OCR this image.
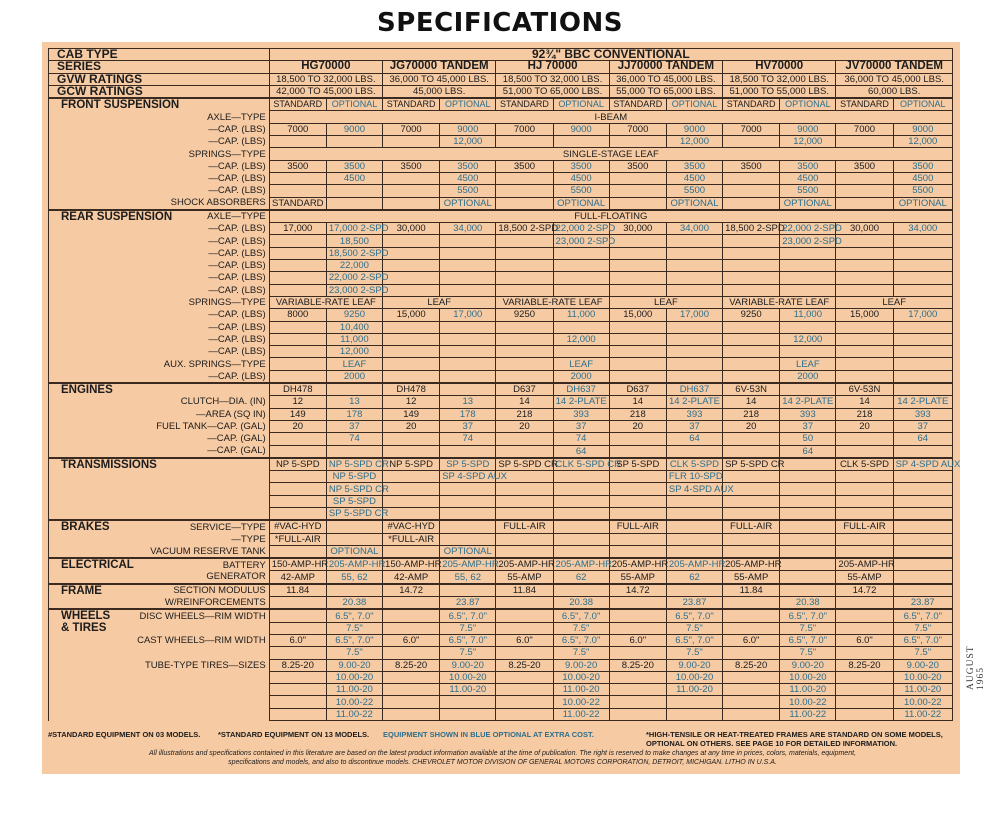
SPECIFICATIONS
CAB TYPE	92¾" BBC CONVENTIONAL											
SERIES	HG70000		JG70000 TANDEM		HJ 70000		JJ70000 TANDEM		HV70000		JV70000 TANDEM	
GVW RATINGS	18,500 TO 32,000 LBS.		36,000 TO 45,000 LBS.		18,500 TO 32,000 LBS.		36,000 TO 45,000 LBS.		18,500 TO 32,000 LBS.		36,000 TO 45,000 LBS.	
GCW RATINGS	42,000 TO 45,000 LBS.		45,000 LBS.		51,000 TO 65,000 LBS.		55,000 TO 65,000 LBS.		51,000 TO 55,000 LBS.		60,000 LBS.	

FRONT SUSPENSION	STANDARD	OPTIONAL	STANDARD	OPTIONAL	STANDARD	OPTIONAL	STANDARD	OPTIONAL	STANDARD	OPTIONAL	STANDARD	OPTIONAL
AXLE—TYPE	I-BEAM											
—CAP. (LBS)	7000	9000	7000	9000	7000	9000	7000	9000	7000	9000	7000	9000
—CAP. (LBS)				12,000				12,000		12,000		12,000
SPRINGS—TYPE	SINGLE-STAGE LEAF											
—CAP. (LBS)	3500	3500	3500	3500	3500	3500	3500	3500	3500	3500	3500	3500
—CAP. (LBS)		4500		4500		4500		4500		4500		4500
—CAP. (LBS)				5500		5500		5500		5500		5500
SHOCK ABSORBERS	STANDARD			OPTIONAL		OPTIONAL		OPTIONAL		OPTIONAL		OPTIONAL

REAR SUSPENSION AXLE—TYPE	FULL-FLOATING											
—CAP. (LBS)	17,000	17,000 2-SPD	30,000	34,000	18,500 2-SPD	22,000 2-SPD	30,000	34,000	18,500 2-SPD	22,000 2-SPD	30,000	34,000
—CAP. (LBS)		18,500				23,000 2-SPD				23,000 2-SPD		
—CAP. (LBS)		18,500 2-SPD										
—CAP. (LBS)		22,000										
—CAP. (LBS)		22,000 2-SPD										
—CAP. (LBS)		23,000 2-SPD										
SPRINGS—TYPE	VARIABLE-RATE LEAF		LEAF		VARIABLE-RATE LEAF		LEAF		VARIABLE-RATE LEAF		LEAF	
—CAP. (LBS)	8000	9250	15,000	17,000	9250	11,000	15,000	17,000	9250	11,000	15,000	17,000
—CAP. (LBS)		10,400										
—CAP. (LBS)		11,000				12,000				12,000		
—CAP. (LBS)		12,000										
AUX. SPRINGS—TYPE		LEAF				LEAF				LEAF		
—CAP. (LBS)		2000				2000				2000		

ENGINES	DH478		DH478		D637	DH637	D637	DH637	6V-53N		6V-53N	
CLUTCH—DIA. (IN)	12	13	12	13	14	14 2-PLATE	14	14 2-PLATE	14	14 2-PLATE	14	14 2-PLATE
—AREA (SQ IN)	149	178	149	178	218	393	218	393	218	393	218	393
FUEL TANK—CAP. (GAL)	20	37	20	37	20	37	20	37	20	37	20	37
—CAP. (GAL)		74		74		74		64		50		64
—CAP. (GAL)						64				64		

TRANSMISSIONS	NP 5-SPD	NP 5-SPD CR	NP 5-SPD	SP 5-SPD	SP 5-SPD CR	CLK 5-SPD CR	SP 5-SPD	CLK 5-SPD	SP 5-SPD CR		CLK 5-SPD	SP 4-SPD AUX
		NP 5-SPD		SP 4-SPD AUX				FLR 10-SPD				
		NP 5-SPD CR						SP 4-SPD AUX				
		SP 5-SPD										
		SP 5-SPD CR										

BRAKES SERVICE—TYPE	#VAC-HYD		#VAC-HYD		FULL-AIR		FULL-AIR		FULL-AIR		FULL-AIR	
—TYPE	*FULL-AIR		*FULL-AIR									
VACUUM RESERVE TANK		OPTIONAL		OPTIONAL								

ELECTRICAL BATTERY	150-AMP-HR	205-AMP-HR	150-AMP-HR	205-AMP-HR	205-AMP-HR	205-AMP-HR	205-AMP-HR	205-AMP-HR	205-AMP-HR		205-AMP-HR	
GENERATOR	42-AMP	55, 62	42-AMP	55, 62	55-AMP	62	55-AMP	62	55-AMP		55-AMP	

FRAME SECTION MODULUS	11.84		14.72		11.84		14.72		11.84		14.72	
W/REINFORCEMENTS		20.38		23.87		20.38		23.87		20.38		23.87

WHEELS DISC WHEELS—RIM WIDTH		6.5", 7.0"		6.5", 7.0"		6.5", 7.0"		6.5", 7.0"		6.5", 7.0"		6.5", 7.0"

& TIRES		7.5"		7.5"		7.5"		7.5"		7.5"		7.5"
CAST WHEELS—RIM WIDTH	6.0"	6.5", 7.0"	6.0"	6.5", 7.0"	6.0"	6.5", 7.0"	6.0"	6.5", 7.0"	6.0"	6.5", 7.0"	6.0"	6.5", 7.0"
		7.5"		7.5"		7.5"		7.5"		7.5"		7.5"
TUBE-TYPE TIRES—SIZES	8.25-20	9.00-20	8.25-20	9.00-20	8.25-20	9.00-20	8.25-20	9.00-20	8.25-20	9.00-20	8.25-20	9.00-20
		10.00-20		10.00-20		10.00-20		10.00-20		10.00-20		10.00-20
		11.00-20		11.00-20		11.00-20		11.00-20		11.00-20		11.00-20
		10.00-22				10.00-22				10.00-22		10.00-22
		11.00-22				11.00-22				11.00-22		11.00-22
#STANDARD EQUIPMENT ON 03 MODELS. *STANDARD EQUIPMENT ON 13 MODELS. EQUIPMENT SHOWN IN BLUE OPTIONAL AT EXTRA COST.	*HIGH-TENSILE OR HEAT-TREATED FRAMES ARE STANDARD ON SOME MODELS, OPTIONAL ON OTHERS. SEE PAGE 10 FOR DETAILED INFORMATION.
All illustrations and specifications contained in this literature are based on the latest product information available at the time of publication. The right is reserved to make changes at any time in prices, colors, materials, equipment, specifications and models, and also to discontinue models. CHEVROLET MOTOR DIVISION OF GENERAL MOTORS CORPORATION, DETROIT, MICHIGAN. LITHO IN U.S.A.
AUGUST 1965
